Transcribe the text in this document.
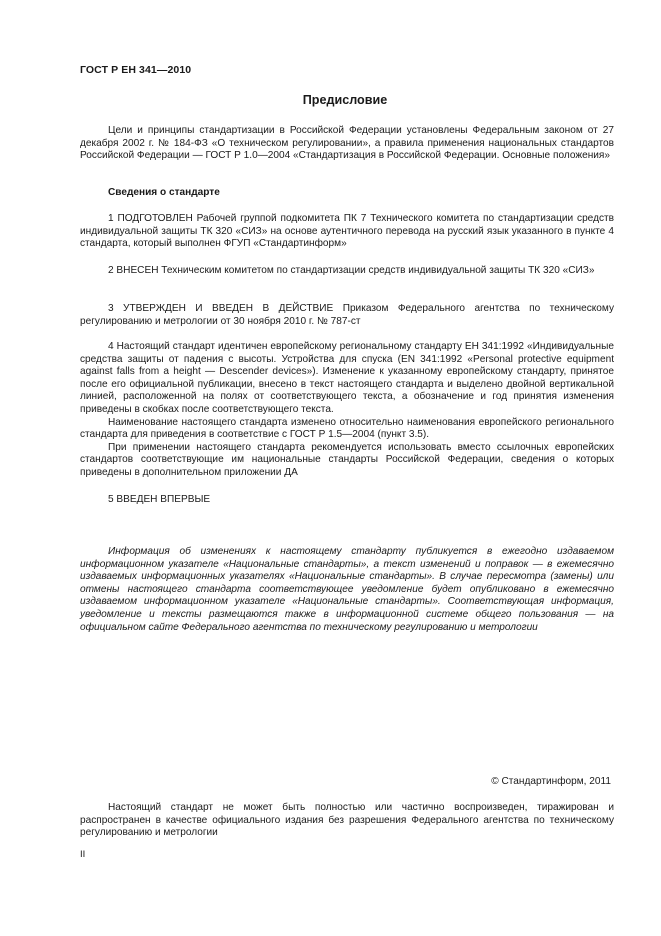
ГОСТ Р ЕН 341—2010
Предисловие

Цели и принципы стандартизации в Российской Федерации установлены Федеральным законом от 27 декабря 2002 г. № 184-ФЗ «О техническом регулировании», а правила применения национальных стандартов Российской Федерации — ГОСТ Р 1.0—2004 «Стандартизация в Российской Федерации. Основные положения»

Сведения о стандарте

1 ПОДГОТОВЛЕН Рабочей группой подкомитета ПК 7 Технического комитета по стандартизации средств индивидуальной защиты ТК 320 «СИЗ» на основе аутентичного перевода на русский язык указанного в пункте 4 стандарта, который выполнен ФГУП «Стандартинформ»

2 ВНЕСЕН Техническим комитетом по стандартизации средств индивидуальной защиты ТК 320 «СИЗ»

3 УТВЕРЖДЕН И ВВЕДЕН В ДЕЙСТВИЕ Приказом Федерального агентства по техническому регулированию и метрологии от 30 ноября 2010 г. № 787-ст

4 Настоящий стандарт идентичен европейскому региональному стандарту ЕН 341:1992 «Индивидуальные средства защиты от падения с высоты. Устройства для спуска (EN 341:1992 «Personal protective equipment against falls from a height — Descender devices»). Изменение к указанному европейскому стандарту, принятое после его официальной публикации, внесено в текст настоящего стандарта и выделено двойной вертикальной линией, расположенной на полях от соответствующего текста, а обозначение и год принятия изменения приведены в скобках после соответствующего текста.

Наименование настоящего стандарта изменено относительно наименования европейского регионального стандарта для приведения в соответствие с ГОСТ Р 1.5—2004 (пункт 3.5).

При применении настоящего стандарта рекомендуется использовать вместо ссылочных европейских стандартов соответствующие им национальные стандарты Российской Федерации, сведения о которых приведены в дополнительном приложении ДА

5 ВВЕДЕН ВПЕРВЫЕ

Информация об изменениях к настоящему стандарту публикуется в ежегодно издаваемом информационном указателе «Национальные стандарты», а текст изменений и поправок — в ежемесячно издаваемых информационных указателях «Национальные стандарты». В случае пересмотра (замены) или отмены настоящего стандарта соответствующее уведомление будет опубликовано в ежемесячно издаваемом информационном указателе «Национальные стандарты». Соответствующая информация, уведомление и тексты размещаются также в информационной системе общего пользования — на официальном сайте Федерального агентства по техническому регулированию и метрологии

© Стандартинформ, 2011

Настоящий стандарт не может быть полностью или частично воспроизведен, тиражирован и распространен в качестве официального издания без разрешения Федерального агентства по техническому регулированию и метрологии

II
